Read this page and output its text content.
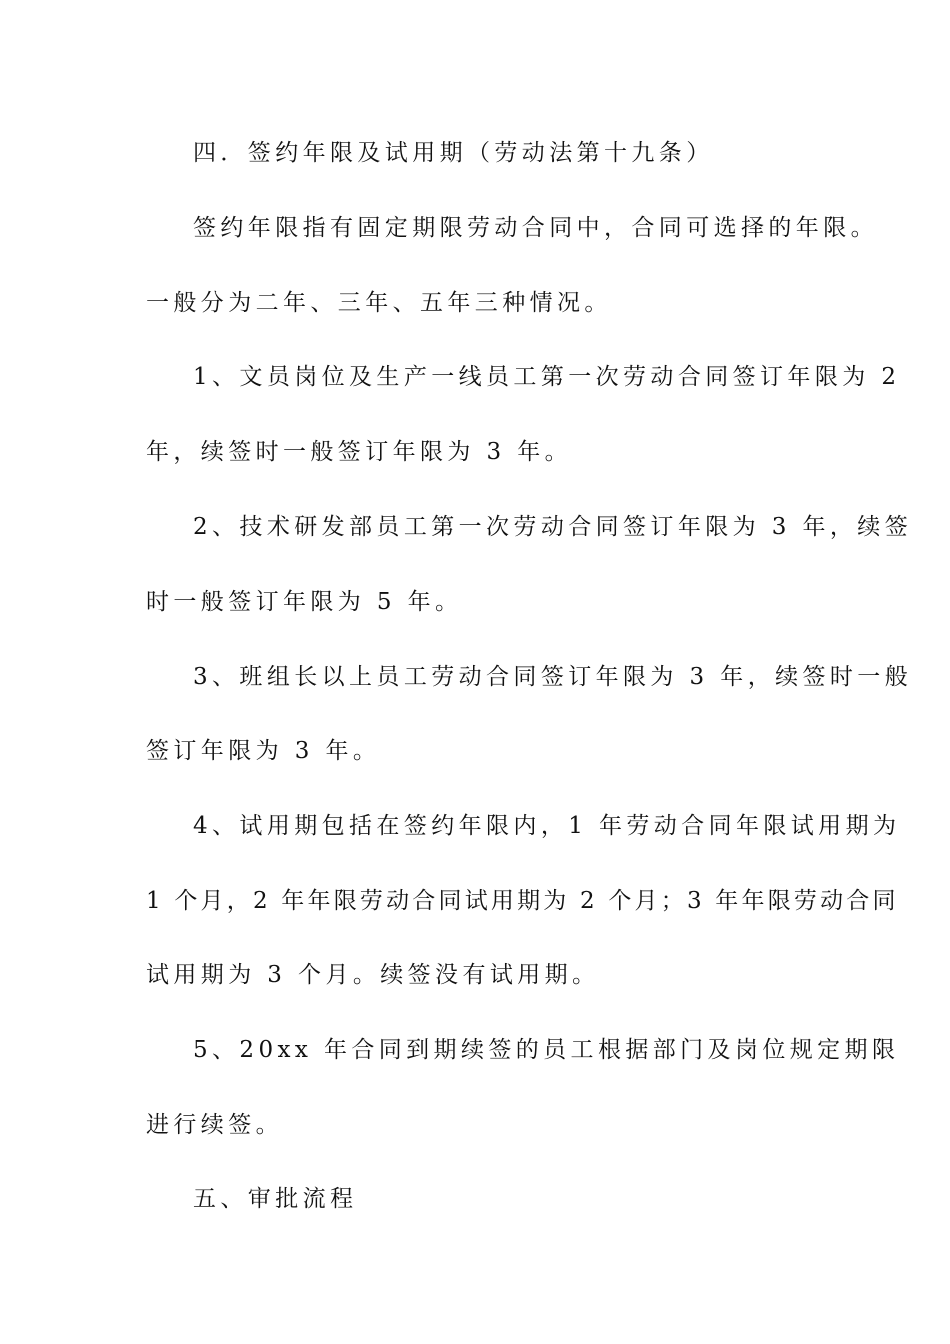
四．签约年限及试用期（劳动法第十九条）
签约年限指有固定期限劳动合同中，合同可选择的年限。
一般分为二年、三年、五年三种情况。
1、文员岗位及生产一线员工第一次劳动合同签订年限为 2
年，续签时一般签订年限为 3 年。
2、技术研发部员工第一次劳动合同签订年限为 3 年，续签
时一般签订年限为 5 年。
3、班组长以上员工劳动合同签订年限为 3 年，续签时一般
签订年限为 3 年。
4、试用期包括在签约年限内，1 年劳动合同年限试用期为
1 个月，2 年年限劳动合同试用期为 2 个月；3 年年限劳动合同
试用期为 3 个月。续签没有试用期。
5、20xx 年合同到期续签的员工根据部门及岗位规定期限
进行续签。
五、审批流程
